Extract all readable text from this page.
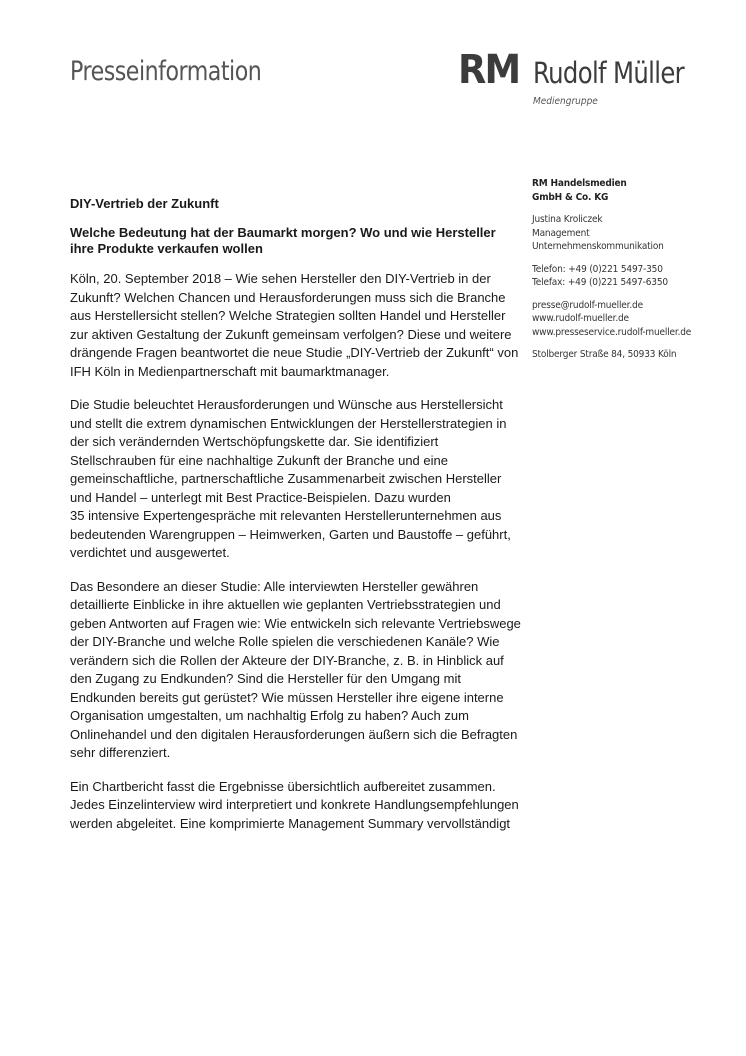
Presseinformation	RM Rudolf Müller
Mediengruppe
RM Handelsmedien
GmbH & Co. KG
Justina Kroliczek
Management
Unternehmenskommunikation
Telefon: +49 (0)221 5497-350
Telefax: +49 (0)221 5497-6350
presse@rudolf-mueller.de
www.rudolf-mueller.de
www.presseservice.rudolf-mueller.de
Stolberger Straße 84, 50933 Köln
DIY-Vertrieb der Zukunft
Welche Bedeutung hat der Baumarkt morgen? Wo und wie Hersteller
ihre Produkte verkaufen wollen

Köln, 20. September 2018 – Wie sehen Hersteller den DIY-Vertrieb in der
Zukunft? Welchen Chancen und Herausforderungen muss sich die Branche
aus Herstellersicht stellen? Welche Strategien sollten Handel und Hersteller
zur aktiven Gestaltung der Zukunft gemeinsam verfolgen? Diese und weitere
drängende Fragen beantwortet die neue Studie „DIY-Vertrieb der Zukunft“ von
IFH Köln in Medienpartnerschaft mit baumarktmanager.

Die Studie beleuchtet Herausforderungen und Wünsche aus Herstellersicht
und stellt die extrem dynamischen Entwicklungen der Herstellerstrategien in
der sich verändernden Wertschöpfungskette dar. Sie identifiziert
Stellschrauben für eine nachhaltige Zukunft der Branche und eine
gemeinschaftliche, partnerschaftliche Zusammenarbeit zwischen Hersteller
und Handel – unterlegt mit Best Practice-Beispielen. Dazu wurden
35 intensive Expertengespräche mit relevanten Herstellerunternehmen aus
bedeutenden Warengruppen – Heimwerken, Garten und Baustoffe – geführt,
verdichtet und ausgewertet.

Das Besondere an dieser Studie: Alle interviewten Hersteller gewähren
detaillierte Einblicke in ihre aktuellen wie geplanten Vertriebsstrategien und
geben Antworten auf Fragen wie: Wie entwickeln sich relevante Vertriebswege
der DIY-Branche und welche Rolle spielen die verschiedenen Kanäle? Wie
verändern sich die Rollen der Akteure der DIY-Branche, z. B. in Hinblick auf
den Zugang zu Endkunden? Sind die Hersteller für den Umgang mit
Endkunden bereits gut gerüstet? Wie müssen Hersteller ihre eigene interne
Organisation umgestalten, um nachhaltig Erfolg zu haben? Auch zum
Onlinehandel und den digitalen Herausforderungen äußern sich die Befragten
sehr differenziert.

Ein Chartbericht fasst die Ergebnisse übersichtlich aufbereitet zusammen.
Jedes Einzelinterview wird interpretiert und konkrete Handlungsempfehlungen
werden abgeleitet. Eine komprimierte Management Summary vervollständigt
